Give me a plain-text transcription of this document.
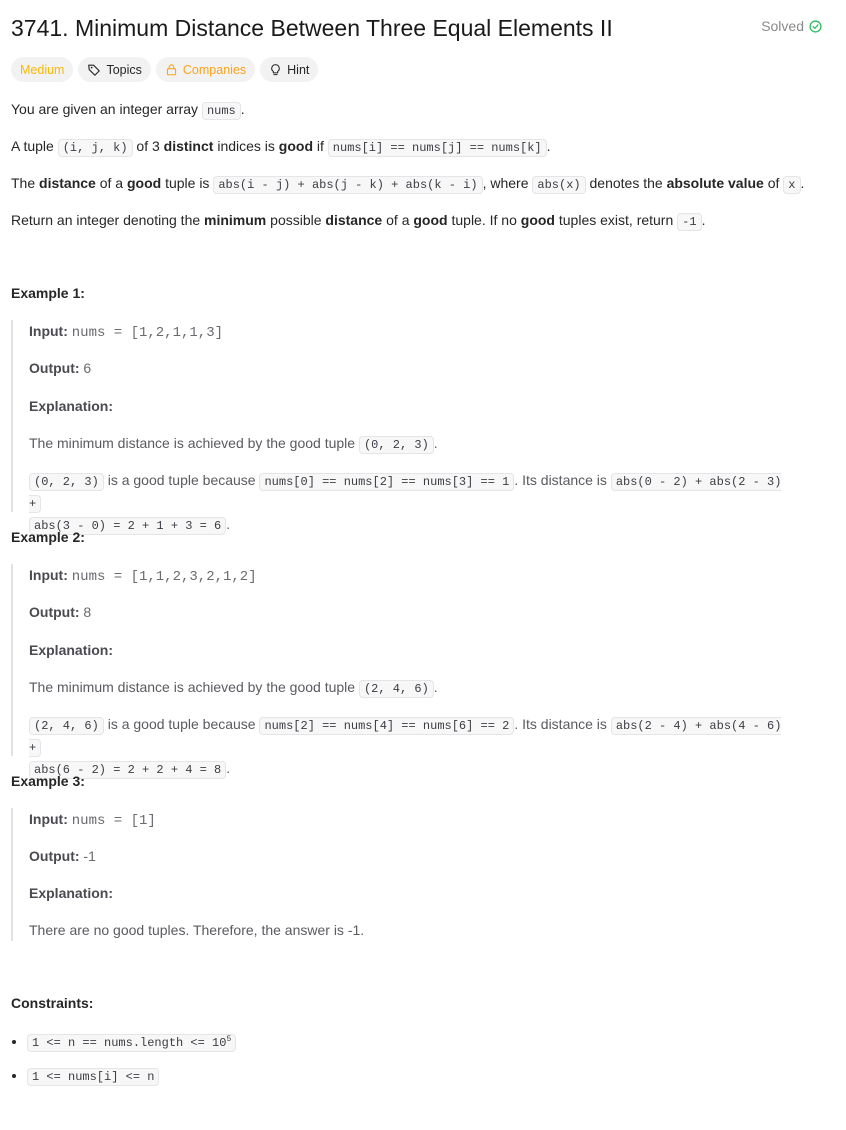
3741. Minimum Distance Between Three Equal Elements II	Solved
Medium	Topics	Companies	Hint
You are given an integer array nums .
A tuple (i, j, k) of 3 distinct indices is good if nums[i] == nums[j] == nums[k] .
The distance of a good tuple is abs(i - j) + abs(j - k) + abs(k - i) , where abs(x) denotes the absolute value of x .
Return an integer denoting the minimum possible distance of a good tuple. If no good tuples exist, return -1 .
Example 1:
Input: nums = [1,2,1,1,3]
Output: 6
Explanation:
The minimum distance is achieved by the good tuple (0, 2, 3) .
(0, 2, 3) is a good tuple because nums[0] == nums[2] == nums[3] == 1 . Its distance is abs(0 - 2) + abs(2 - 3) +
abs(3 - 0) = 2 + 1 + 3 = 6 .
Example 2:
Input: nums = [1,1,2,3,2,1,2]
Output: 8
Explanation:
The minimum distance is achieved by the good tuple (2, 4, 6) .
(2, 4, 6) is a good tuple because nums[2] == nums[4] == nums[6] == 2 . Its distance is abs(2 - 4) + abs(4 - 6) +
abs(6 - 2) = 2 + 2 + 4 = 8 .
Example 3:
Input: nums = [1]
Output: -1
Explanation:
There are no good tuples. Therefore, the answer is -1.
Constraints:
• 1 <= n == nums.length <= $10^5$
• 1 <= nums[i] <= n
